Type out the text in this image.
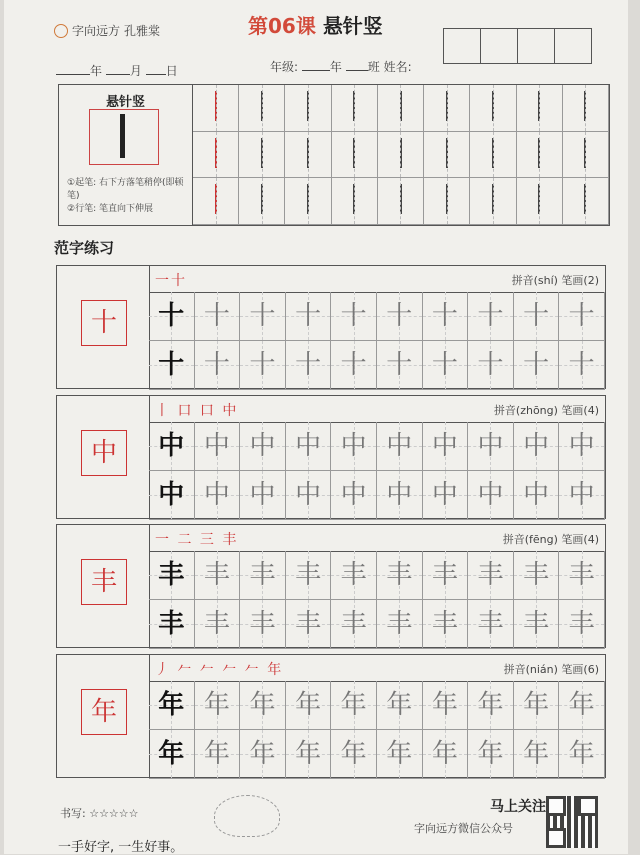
字向远方 孔雅棠	第06课 悬针竖
年 月 日	年级:	年 班 姓名:
悬针竖
①起笔: 右下方落笔稍停(即顿笔)
②行笔: 笔直向下伸展
范字练习
十
一十	拼音(shí) 笔画(2)
十 十 十 十 十 十 十 十 十 十
十 十 十 十 十 十 十 十 十 十
中
丨 口 口 中	拼音(zhōng) 笔画(4)
中 中 中 中 中 中 中 中 中 中
中 中 中 中 中 中 中 中 中 中
丰
一 二 三 丰	拼音(fēng) 笔画(4)
丰 丰 丰 丰 丰 丰 丰 丰 丰 丰
丰 丰 丰 丰 丰 丰 丰 丰 丰 丰
年
丿 𠂉 𠂉 𠂉 𠂉 年	拼音(nián) 笔画(6)
年 年 年 年 年 年 年 年 年 年
年 年 年 年 年 年 年 年 年 年
书写: ☆☆☆☆☆
一手好字, 一生好事。
马上关注
字向远方微信公众号
